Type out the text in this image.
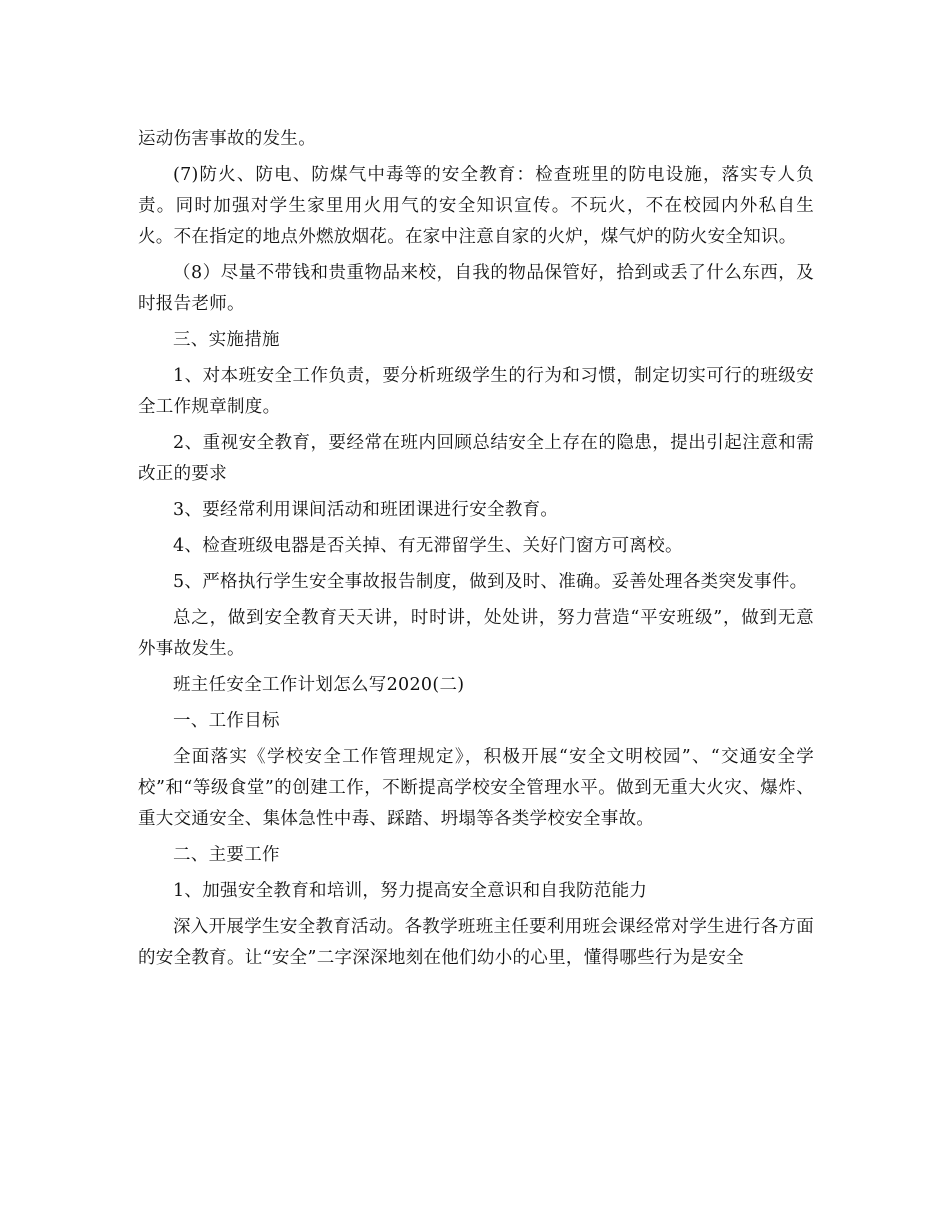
运动伤害事故的发生。

(7)防火、防电、防煤气中毒等的安全教育：检查班里的防电设施，落实专人负责。同时加强对学生家里用火用气的安全知识宣传。不玩火，不在校园内外私自生火。不在指定的地点外燃放烟花。在家中注意自家的火炉，煤气炉的防火安全知识。

（8）尽量不带钱和贵重物品来校，自我的物品保管好，拾到或丢了什么东西，及时报告老师。

三、实施措施

1、对本班安全工作负责，要分析班级学生的行为和习惯，制定切实可行的班级安全工作规章制度。

2、重视安全教育，要经常在班内回顾总结安全上存在的隐患，提出引起注意和需改正的要求

3、要经常利用课间活动和班团课进行安全教育。

4、检查班级电器是否关掉、有无滞留学生、关好门窗方可离校。

5、严格执行学生安全事故报告制度，做到及时、准确。妥善处理各类突发事件。

总之，做到安全教育天天讲，时时讲，处处讲，努力营造“平安班级”，做到无意外事故发生。

班主任安全工作计划怎么写2020(二)

一、工作目标

全面落实《学校安全工作管理规定》，积极开展“安全文明校园”、“交通安全学校”和“等级食堂”的创建工作，不断提高学校安全管理水平。做到无重大火灾、爆炸、重大交通安全、集体急性中毒、踩踏、坍塌等各类学校安全事故。

二、主要工作

1、加强安全教育和培训，努力提高安全意识和自我防范能力

深入开展学生安全教育活动。各教学班班主任要利用班会课经常对学生进行各方面的安全教育。让“安全”二字深深地刻在他们幼小的心里，懂得哪些行为是安全
